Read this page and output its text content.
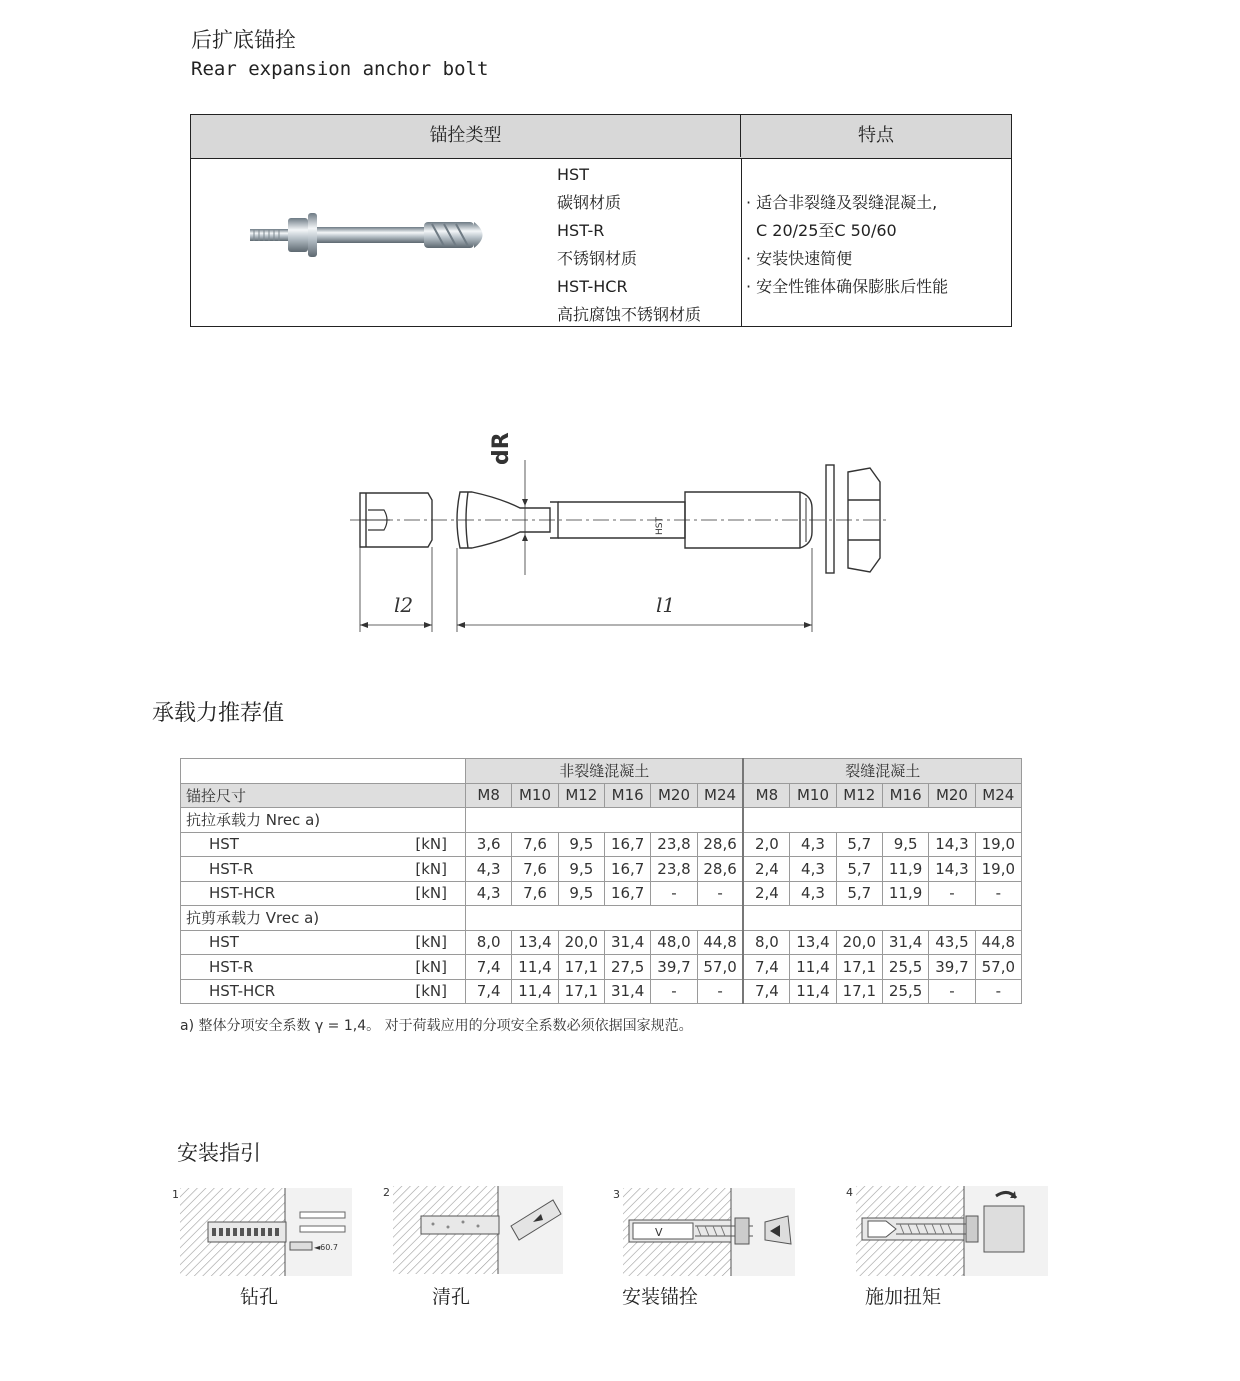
后扩底锚拴
Rear expansion anchor bolt
锚拴类型	特点
HST
碳钢材质
HST-R
不锈钢材质
HST-HCR
高抗腐蚀不锈钢材质
· 适合非裂缝及裂缝混凝土,
C 20/25至C 50/60
· 安装快速简便
· 安全性锥体确保膨胀后性能
dR
HST
l2	l1
承载力推荐值
		非裂缝混凝土						裂缝混凝土					
锚拴尺寸		M8	M10	M12	M16	M20	M24	M8	M10	M12	M16	M20	M24
抗拉承载力 Nrec a)													
HST	[kN]	3,6	7,6	9,5	16,7	23,8	28,6	2,0	4,3	5,7	9,5	14,3	19,0
HST-R	[kN]	4,3	7,6	9,5	16,7	23,8	28,6	2,4	4,3	5,7	11,9	14,3	19,0
HST-HCR	[kN]	4,3	7,6	9,5	16,7	-	-	2,4	4,3	5,7	11,9	-	-
抗剪承载力 Vrec a)													
HST	[kN]	8,0	13,4	20,0	31,4	48,0	44,8	8,0	13,4	20,0	31,4	43,5	44,8
HST-R	[kN]	7,4	11,4	17,1	27,5	39,7	57,0	7,4	11,4	17,1	25,5	39,7	57,0
HST-HCR	[kN]	7,4	11,4	17,1	31,4	-	-	7,4	11,4	17,1	25,5	-	-
a) 整体分项安全系数 γ = 1,4。 对于荷载应用的分项安全系数必须依据国家规范。
安装指引
1
◄60.7
钻孔
2
清孔
3
V
安装锚拴
4
施加扭矩
